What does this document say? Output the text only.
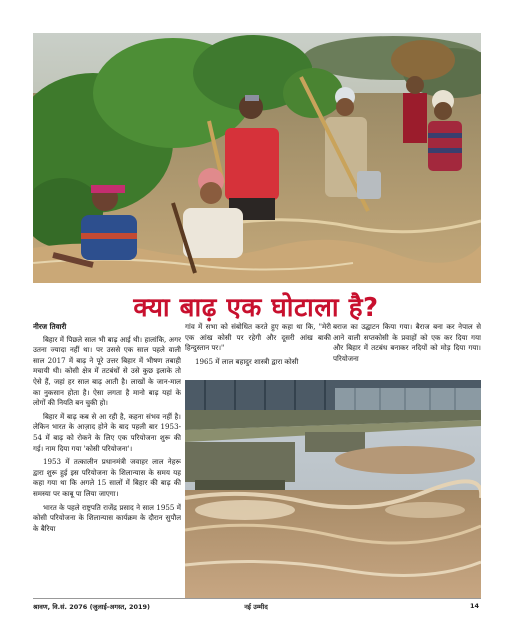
क्या बाढ़ एक घोटाला है?
नीरज तिवारी

बिहार में पिछले साल भी बाढ़ आई थी। हालांकि, अगर उतना ज्यादा नहीं था। पर उससे एक साल पहले वाली साल 2017 में बाढ़ ने पूरे उत्तर बिहार में भीषण तबाही मचायी थी। कोसी क्षेत्र में तटबंधों से उसे कुछ इलाके तो ऐसे हैं, जहां हर साल बाढ़ आती है। लाखों के जान-माल का नुकसान होता है। ऐसा लगता है मानो बाढ़ यहां के लोगों की नियति बन चुकी हो।

बिहार में बाढ़ कब से आ रही है, कहना संभव नहीं है। लेकिन भारत के आज़ाद होने के बाद पहली बार 1953-54 में बाढ़ को रोकने के लिए एक परियोजना शुरू की गई। नाम दिया गया 'कोसी परियोजना'।

1953 में तत्कालीन प्रधानमंत्री जवाहर लाल नेहरू द्वारा शुरू हुई इस परियोजना के शिलान्यास के समय यह कहा गया था कि अगले 15 सालों में बिहार की बाढ़ की समस्या पर काबू पा लिया जाएगा।

भारत के पहले राष्ट्रपति राजेंद्र प्रसाद ने साल 1955 में कोसी परियोजना के शिलान्यास कार्यक्रम के दौरान सुपौल के बैरिया

गांव में सभा को संबोधित करते हुए कहा था कि, "मेरी एक आंख कोसी पर रहेगी और दूसरी आंख बाकी हिन्दुस्तान पर।"

1965 में लाल बहादुर शास्त्री द्वारा कोसी

बराज का उद्घाटन किया गया। बैराज बना कर नेपाल से आने वाली सप्तकोसी के प्रवाहों को एक कर दिया गया और बिहार में तटबंध बनाकर नदियों को मोड़ दिया गया। परियोजना

श्रावण, वि.सं. 2076 (जुलाई-अगस्त, 2019)	नई उम्मीद	14
